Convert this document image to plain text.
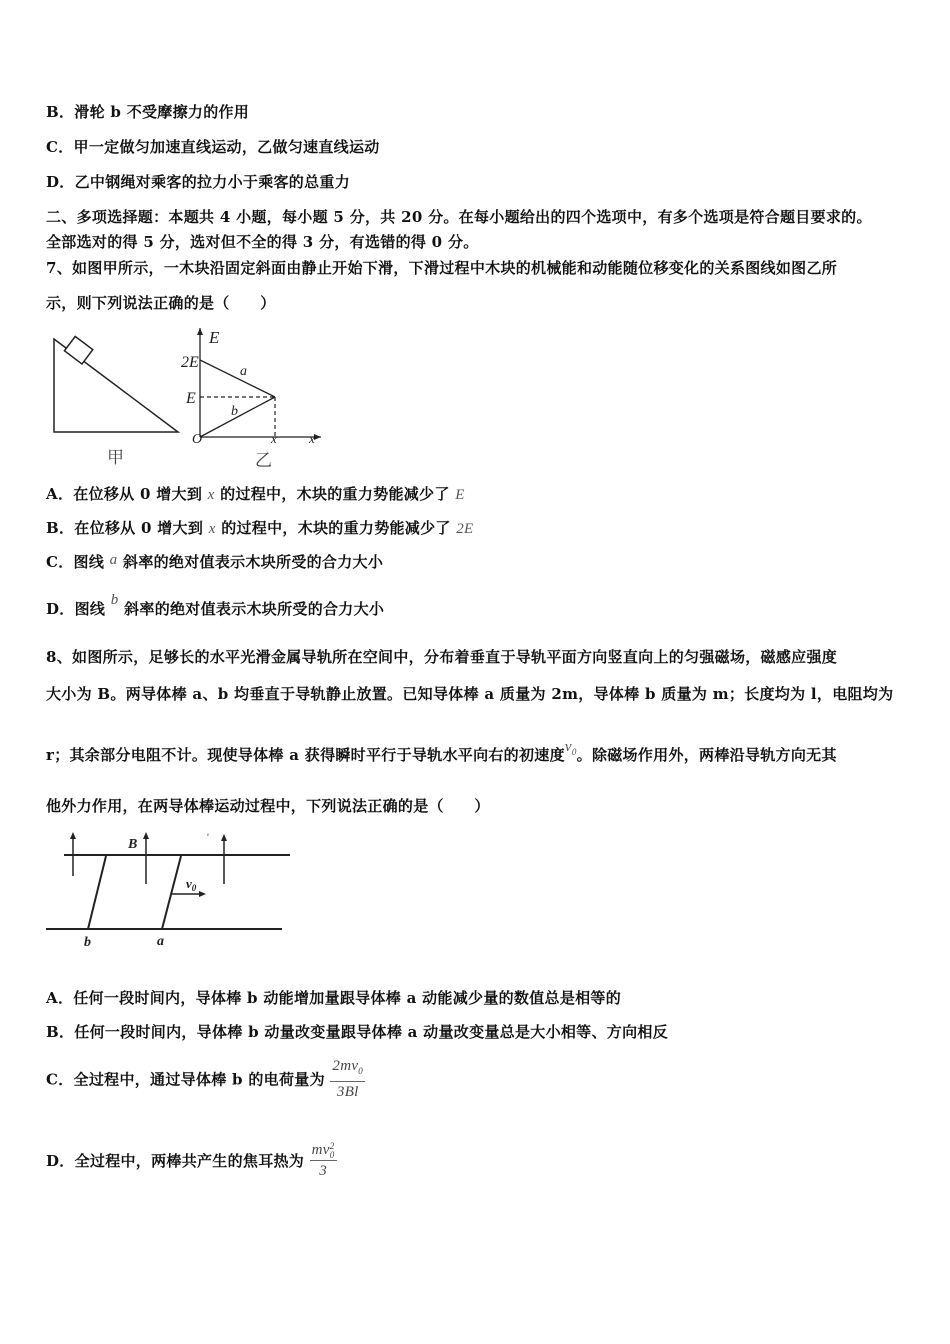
B．滑轮 b 不受摩擦力的作用
C．甲一定做匀加速直线运动，乙做匀速直线运动
D．乙中钢绳对乘客的拉力小于乘客的总重力
二、多项选择题：本题共 4 小题，每小题 5 分，共 20 分。在每小题给出的四个选项中，有多个选项是符合题目要求的。
全部选对的得 5 分，选对但不全的得 3 分，有选错的得 0 分。
7、如图甲所示，一木块沿固定斜面由静止开始下滑，下滑过程中木块的机械能和动能随位移变化的关系图线如图乙所
示，则下列说法正确的是（　　）
甲
E
2E
E
O	x x
a
b
乙
A．在位移从 0 增大到 x 的过程中，木块的重力势能减少了 E
B．在位移从 0 增大到 x 的过程中，木块的重力势能减少了 2E
C．图线 a 斜率的绝对值表示木块所受的合力大小
D．图线 b 斜率的绝对值表示木块所受的合力大小
8、如图所示，足够长的水平光滑金属导轨所在空间中，分布着垂直于导轨平面方向竖直向上的匀强磁场，磁感应强度
大小为 B。两导体棒 a、b 均垂直于导轨静止放置。已知导体棒 a 质量为 2m，导体棒 b 质量为 m；长度均为 l，电阻均为
r；其余部分电阻不计。现使导体棒 a 获得瞬时平行于导轨水平向右的初速度$v_0$。除磁场作用外，两棒沿导轨方向无其
他外力作用，在两导体棒运动过程中，下列说法正确的是（　　）
B
$v_0$
b	a
ᵉ
A．任何一段时间内，导体棒 b 动能增加量跟导体棒 a 动能减少量的数值总是相等的
B．任何一段时间内，导体棒 b 动量改变量跟导体棒 a 动量改变量总是大小相等、方向相反
C．全过程中，通过导体棒 b 的电荷量为 $\frac{2mv_0}{3Bl}$
D．全过程中，两棒共产生的焦耳热为 mv 2
0
3
